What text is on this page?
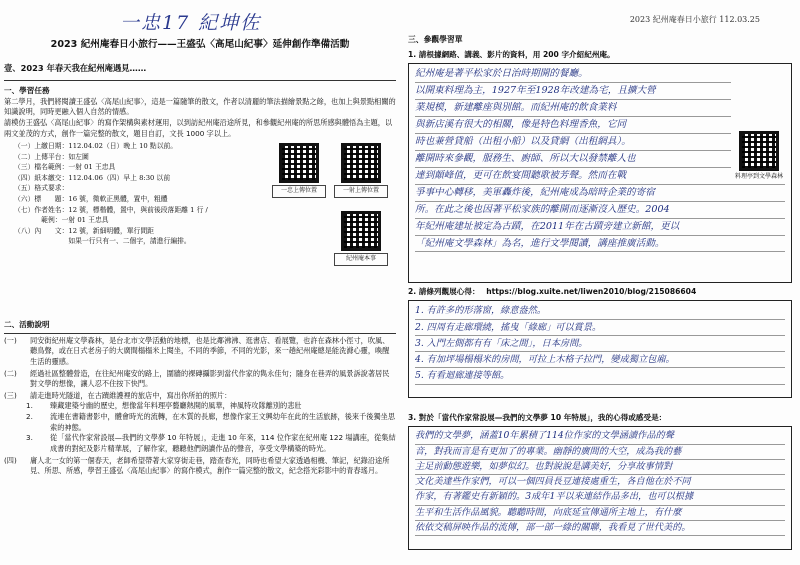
一忠17 紀坤佐	2023 紀州庵春日小旅行 112.03.25
2023 紀州庵春日小旅行——王盛弘〈高尾山紀事〉延伸創作準備活動
壹、2023 年春天我在紀州庵遇見……
一、學習任務

第二學月，我們將閱讀王盛弘〈高尾山紀事〉，這是一篇隨筆的散文，作者以清麗的筆法描繪景點之餘，也加上與景點相關的知識說明，同時更融入個人自然的情感。

請模仿王盛弘〈高尾山紀事〉的寫作架構與素材運用，以到訪紀州庵沿途所見，和參觀紀州庵的所思所感與體悟為主題，以兩文並茂的方式，創作一篇完整的散文，題目自訂，文長 1000 字以上。

（一）上繳日期：112.04.02（日）晚上 10 點以前。
（二）上傳平台：如左圖
（三）檔名範例：一射 01 王忠具
（四）紙本繳交：112.04.06（四）早上 8:30 以前
（五）格式要求：
（六）標　　題：16 號，微軟正黑體，置中，粗體
（七）作者姓名：12 號，標楷體，置中，與前後段落距離 1 行 /
　　　　範例：一射 01 王忠具
（八）內　　文：12 號，新細明體，單行間距
　　　　　　　　如果一行只有一、二個字，請進行編排。
一忠上傳位置	一射上傳位置
紀州庵本事
二、活動說明
(一)	同安街紀州庵文學森林，是台北市文學活動的地標，也是比鄰沸沸、逛書店、看展覽，也許在森林小徑寸，吹風、聽鳥聲，或在日式老房子的大廣間榻榻米上閱坐，不同的季節，不同的光影，來一趟紀州庵總是能洗滌心靈，喚醒生活的靈感。
(二)	經過社區整體營造，在往紀州庵安的路上，圍牆的裸磚攝影到當代作家的雋永佳句；隨身在巷弄的風景訴說著居民對文學的想像，讓人忍不住按下快門。
(三)	請走進時光隧道，在古蹟維護裡的旅店中，寫出你所拍的照片：
1.	臻藏建築兮幽的歷史，想像當年料理亭藝廳熱開的風華，神風特攻隊離別的悲壯
2.	流連在書籍書影中，體會時光的流轉，在木質的長廊，想像作家王文興幼年在此的生活旅跡，後來千後獨坐思索的神態。
3.	從「當代作家常設展—我們的文學夢 10 年特展」，走進 10 年來，114 位作家在紀州庵 122 場講座，從集結成書的對紀及影片精華展，了解作家，聽聽他們朗讀作品的聲音，享受文學構築的時光。
(四)	庸人北一女的第一個春天，老師希望帶著大家穿街走巷，踏查春光，同時也希望大家透過相機、筆記，紀錄沿途所見、所思、所感，學習王盛弘〈高尾山紀事〉的寫作模式，創作一篇完整的散文，紀念搭光彩影中的青春瑤月。
三、參觀學習單
1. 請根據網路、講義、影片的資料，用 200 字介紹紀州庵。
紀州庵是著平松家於日治時期開的餐廳。
以開東料理為主，1927年至1928年改建為宅，且擴大營
業規模，新建離座與別館。而紀州庵的飲食業料
與新店溪有很大的相關，像是特色料理香魚，它同
時也兼營貸船（出租小船）以及貸網（出租網具）。
離開時來參觀，服務生、廚師、所以大以發禁離人也
達到顛峰值，更可在飲宴間聽歌被芳聲。然而在戰
爭事中心轉移，美軍轟炸後，紀州庵成為暗時企業的寄宿
所。在此之後也因著平松家族的離開而逐漸沒入歷史。2004
年紀州庵建址被定為古蹟，在2011年在古蹟旁建立新館，更以
「紀州庵文學森林」為名，進行文學閱讀，講座推廣活動。
料理亭到文學森林
2. 請條列觀展心得： https://blog.xuite.net/liwen2010/blog/215086604
1. 有許多的形落窗，綠意盎然。
2. 四周有走廊環繞，搖曳「綠廊」可以賞景。
3. 入門左側都有有「床之間」，日本房間。
4. 有加坪場榻榻米的房間，可拉上木格子拉門，變成獨立包廂。
5. 有看迴廊連接等館。
3. 對於「當代作家常設展—我們的文學夢 10 年特展」，我的心得或感受是：
我們的文學夢，涵蓋10年累積了114位作家的文學涵讀作品的聲
音，對我而言是有更加了的專業。幽靜的廣間的大空，成為我的藝
主足前動態遊樂，如夢似幻。也對說說是講美好，分享故事情對
文化美達些作家們，可以一個四員長豆連接處重生，各自他在於不同
作家，有著鑑史有新穎的。3成年1平以來連結作品多出，也可以根據
生平和生活作品風貌。聽聽時間，向底延宣傳通所主地上，有什麼
依依交稿屏映作品的流傳，部一部一綠的關聯，我看見了世代美的。
